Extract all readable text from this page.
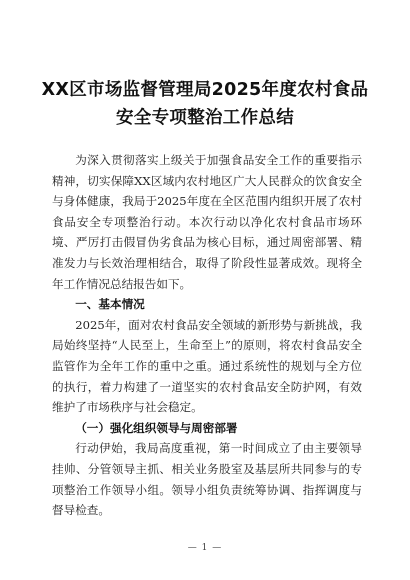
XX区市场监督管理局2025年度农村食品
安全专项整治工作总结

为深入贯彻落实上级关于加强食品安全工作的重要指示精神，切实保障XX区域内农村地区广大人民群众的饮食安全与身体健康，我局于2025年度在全区范围内组织开展了农村食品安全专项整治行动。本次行动以净化农村食品市场环境、严厉打击假冒伪劣食品为核心目标，通过周密部署、精准发力与长效治理相结合，取得了阶段性显著成效。现将全年工作情况总结报告如下。

一、基本情况

2025年，面对农村食品安全领域的新形势与新挑战，我局始终坚持“人民至上，生命至上”的原则，将农村食品安全监管作为全年工作的重中之重。通过系统性的规划与全方位的执行，着力构建了一道坚实的农村食品安全防护网，有效维护了市场秩序与社会稳定。

（一）强化组织领导与周密部署

行动伊始，我局高度重视，第一时间成立了由主要领导挂帅、分管领导主抓、相关业务股室及基层所共同参与的专项整治工作领导小组。领导小组负责统筹协调、指挥调度与督导检查。

— 1 —
